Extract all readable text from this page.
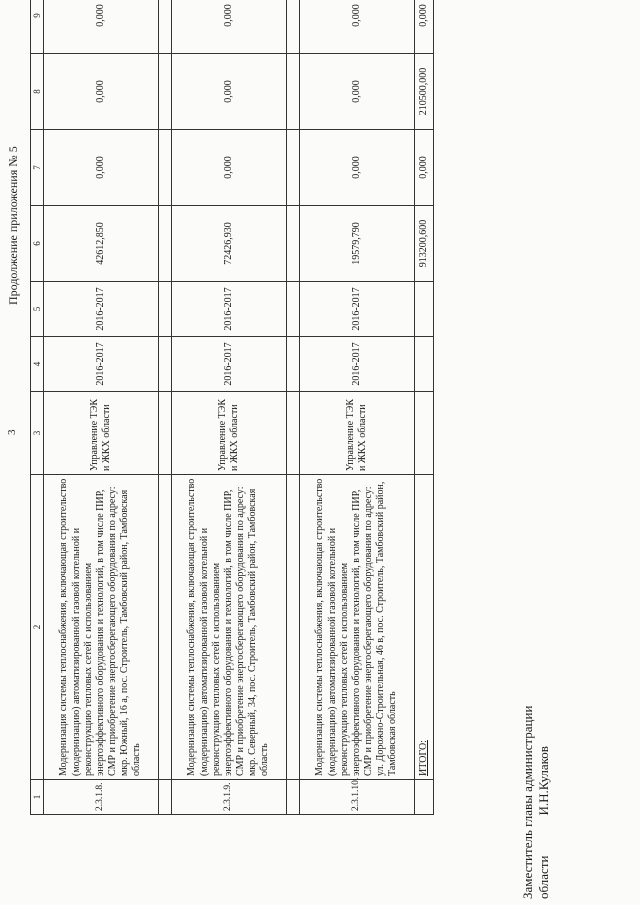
3
Продолжение приложения № 5
1	2	3	4	5	6	7	8	9	
2.3.1.8.	Модернизация системы теплоснабжения, включающая строительство (модернизацию) автоматизированной газовой котельной и реконструкцию тепловых сетей с использованием энергоэффективного оборудования и технологий, в том числе ПИР, СМР и приобретение энергосберегающего оборудования по адресу: мкр. Южный, 16 а, пос. Строитель, Тамбовский район, Тамбовская область	Управление ТЭК и ЖКХ области	2016-2017	2016-2017	42612,850	0,000	0,000	0,000	

2.3.1.9.	Модернизация системы теплоснабжения, включающая строительство (модернизацию) автоматизированной газовой котельной и реконструкцию тепловых сетей с использованием энергоэффективного оборудования и технологий, в том числе ПИР, СМР и приобретение энергосберегающего оборудования по адресу: мкр. Северный, 34, пос. Строитель, Тамбовский район, Тамбовская область	Управление ТЭК и ЖКХ области	2016-2017	2016-2017	72426,930	0,000	0,000	0,000	

2.3.1.10.	Модернизация системы теплоснабжения, включающая строительство (модернизацию) автоматизированной газовой котельной и реконструкцию тепловых сетей с использованием энергоэффективного оборудования и технологий, в том числе ПИР, СМР и приобретение энергосберегающего оборудования по адресу: ул. Дорожно-Строительная, 46 в, пос. Строитель, Тамбовский район, Тамбовская область	Управление ТЭК и ЖКХ области	2016-2017	2016-2017	19579,790	0,000	0,000	0,000	
	ИТОГО:				913200,600	0,000	210500,000	0,000	
Заместитель главы администрации областиИ.Н.Кулаков
